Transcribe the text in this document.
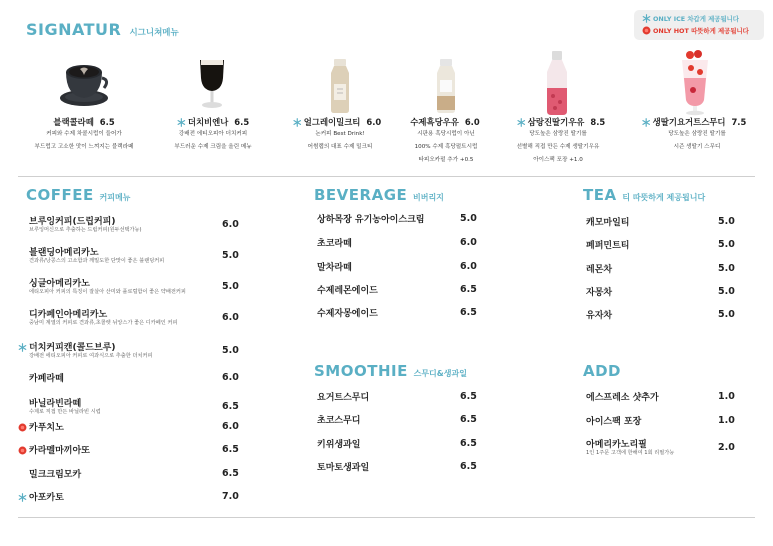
SIGNATUR 시그니쳐메뉴
ONLY ICE 차갑게 제공됩니다
ONLY HOT 따뜻하게 제공됩니다
블랙콜라떼 6.5
커피와 수제 차콜시럽이 들어가
부드럽고 고소한 맛이 느껴지는 블랙라떼
더치비엔나 6.5
강배전 에티오피아 더치커피
부드러운 수제 크림을 올린 메뉴
얼그레이밀크티 6.0
논커피 Best Drink!
어썸랩의 대표 수제 밀크티
수제흑당우유 6.0
시판용 흑당시럽이 아닌
100% 수제 흑당펄트시럽
타피오카펄 추가 +0.5
삼랑진딸기우유 8.5
당도높은 삼랑진 딸기를
선별해 직접 만든 수제 생딸기우유
아이스팩 포장 +1.0
생딸기요거트스무디 7.5
당도높은 삼랑진 딸기를
시즌 생딸기 스무디
COFFEE 커피메뉴
브루잉커피(드립커피)	6.0
브루잉머신으로 추출하는 드립커피(원두선택가능)
블랜딩아메리카노	5.0
견과류/낭콩스의 고소함과 깨밀도한 단맛이 좋은 블랜딩커피
싱글아메리카노	5.0
에티오피아 커피의 특징이 잘살아 산미와 플로럴함이 좋은 약배전커피
디카페인아메리카노	6.0
중남미 계열의 커피로 견과류,초콜렛 뉘앙스가 좋은 디카페인 커피
더치커피캔(콜드브루)	5.0
강배전 에티오피아 커피로 여과식으로 추출한 더치커피
카페라떼	6.0
바닐라빈라떼	6.5
수제로 직접 만든 바닐라빈 시럽
카푸치노	6.0
카라멜마끼아또	6.5
밀크크림모카	6.5
아포카토	7.0
BEVERAGE 비버리지
상하목장 유기농아이스크림	5.0
초코라떼	6.0
말차라떼	6.0
수제레몬에이드	6.5
수제자몽에이드	6.5
SMOOTHIE 스무디&생과일
요거트스무디	6.5
초코스무디	6.5
키위생과일	6.5
토마토생과일	6.5
TEA 티 따뜻하게 제공됩니다
캐모마일티	5.0
페퍼민트티	5.0
레몬차	5.0
자몽차	5.0
유자차	5.0
ADD
에스프레소 샷추가	1.0
아이스팩 포장	1.0
아메리카노리필	2.0
1인 1주문 고객에 한해여 1회 리필가능
